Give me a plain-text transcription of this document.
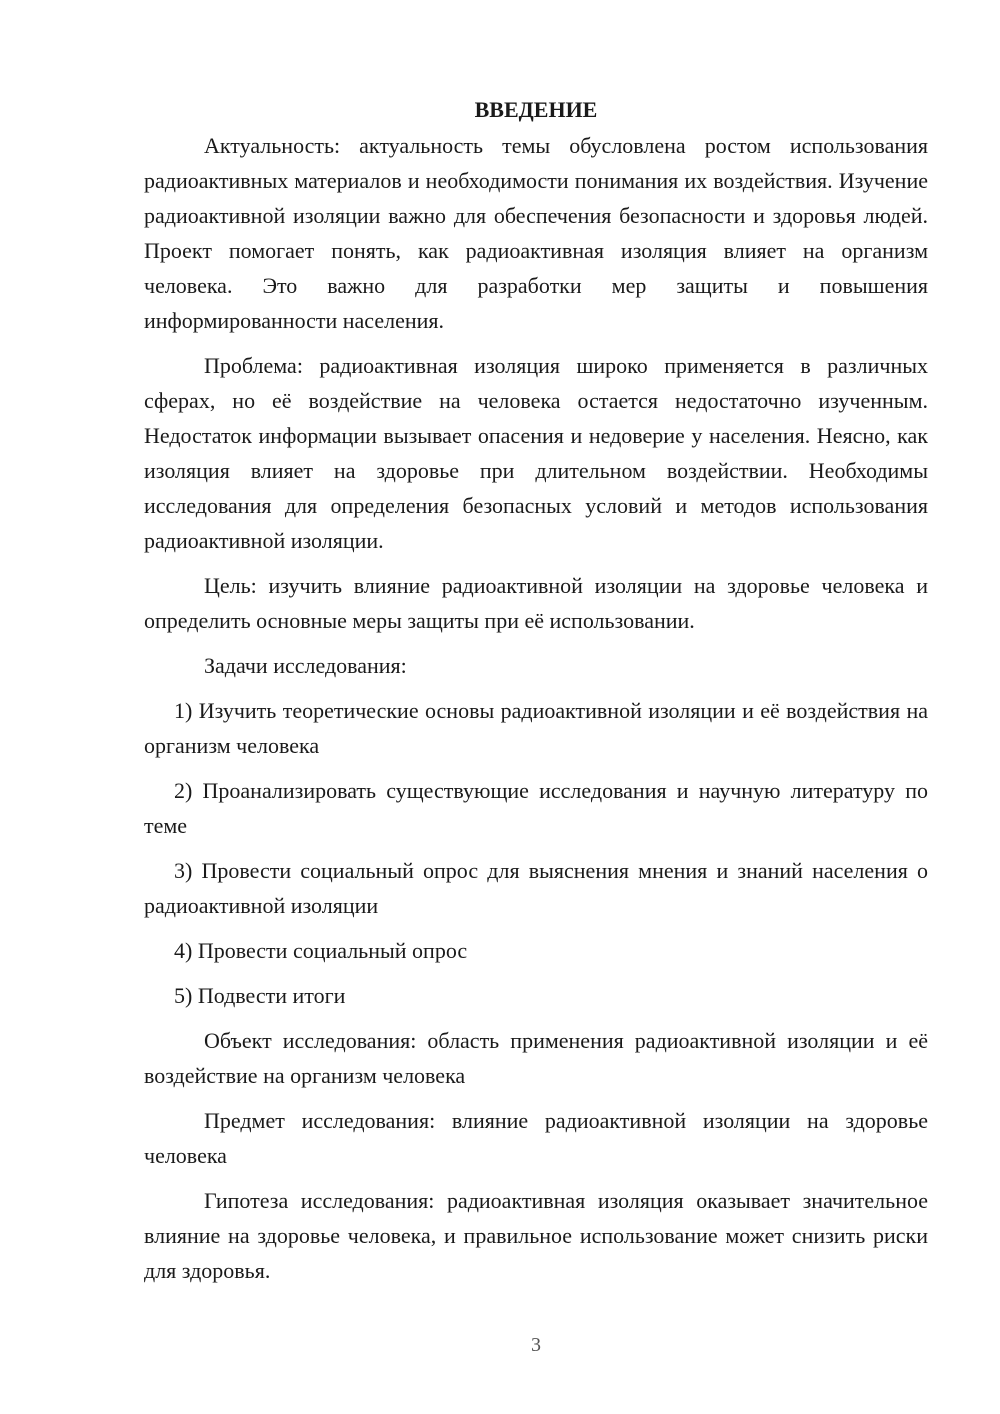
ВВЕДЕНИЕ

Актуальность: актуальность темы обусловлена ростом использования радиоактивных материалов и необходимости понимания их воздействия. Изучение радиоактивной изоляции важно для обеспечения безопасности и здоровья людей. Проект помогает понять, как радиоактивная изоляция влияет на организм человека. Это важно для разработки мер защиты и повышения информированности населения.

Проблема: радиоактивная изоляция широко применяется в различных сферах, но её воздействие на человека остается недостаточно изученным. Недостаток информации вызывает опасения и недоверие у населения. Неясно, как изоляция влияет на здоровье при длительном воздействии. Необходимы исследования для определения безопасных условий и методов использования радиоактивной изоляции.

Цель: изучить влияние радиоактивной изоляции на здоровье человека и определить основные меры защиты при её использовании.

Задачи исследования:

1) Изучить теоретические основы радиоактивной изоляции и её воздействия на организм человека

2) Проанализировать существующие исследования и научную литературу по теме

3) Провести социальный опрос для выяснения мнения и знаний населения о радиоактивной изоляции

4) Провести социальный опрос

5) Подвести итоги

Объект исследования: область применения радиоактивной изоляции и её воздействие на организм человека

Предмет исследования: влияние радиоактивной изоляции на здоровье человека

Гипотеза исследования: радиоактивная изоляция оказывает значительное влияние на здоровье человека, и правильное использование может снизить риски для здоровья.

3
